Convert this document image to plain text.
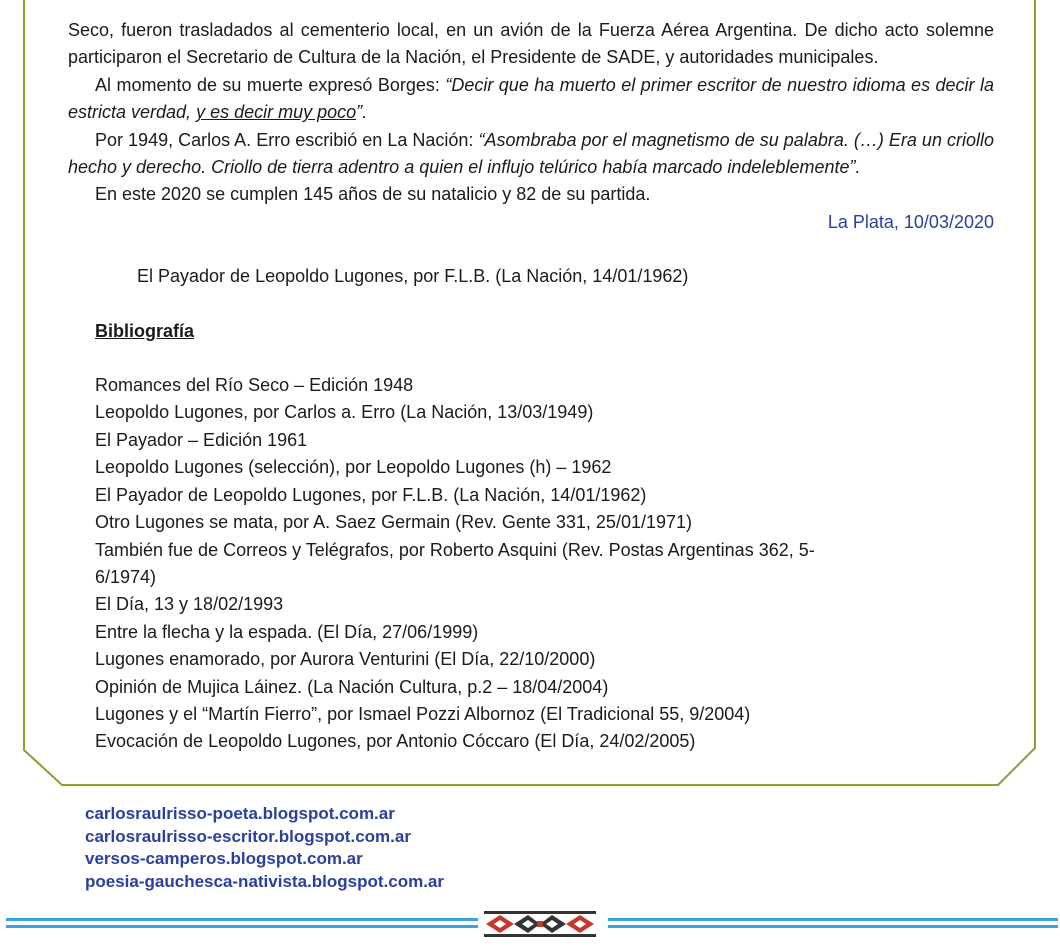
Seco, fueron trasladados al cementerio local, en un avión de la Fuerza Aérea Argentina. De dicho acto solemne participaron el Secretario de Cultura de la Nación, el Presidente de SADE, y autoridades municipales.

Al momento de su muerte expresó Borges: “Decir que ha muerto el primer escritor de nuestro idioma es decir la estricta verdad, y es decir muy poco”.

Por 1949, Carlos A. Erro escribió en La Nación: “Asombraba por el magnetismo de su palabra. (…) Era un criollo hecho y derecho. Criollo de tierra adentro a quien el influjo telúrico había marcado indeleblemente”.

En este 2020 se cumplen 145 años de su natalicio y 82 de su partida.

La Plata, 10/03/2020

El Payador de Leopoldo Lugones, por F.L.B. (La Nación, 14/01/1962)

Bibliografía

Romances del Río Seco – Edición 1948
Leopoldo Lugones, por Carlos a. Erro (La Nación, 13/03/1949)
El Payador – Edición 1961
Leopoldo Lugones (selección), por Leopoldo Lugones (h) – 1962
El Payador de Leopoldo Lugones, por F.L.B. (La Nación, 14/01/1962)
Otro Lugones se mata, por A. Saez Germain (Rev. Gente 331, 25/01/1971)
También fue de Correos y Telégrafos, por Roberto Asquini (Rev. Postas Argentinas 362, 5-6/1974)
El Día, 13 y 18/02/1993
Entre la flecha y la espada. (El Día, 27/06/1999)
Lugones enamorado, por Aurora Venturini (El Día, 22/10/2000)
Opinión de Mujica Láinez. (La Nación Cultura, p.2 – 18/04/2004)
Lugones y el “Martín Fierro”, por Ismael Pozzi Albornoz (El Tradicional 55, 9/2004)
Evocación de Leopoldo Lugones, por Antonio Cóccaro (El Día, 24/02/2005)
carlosraulrisso-poeta.blogspot.com.ar
carlosraulrisso-escritor.blogspot.com.ar
versos-camperos.blogspot.com.ar
poesia-gauchesca-nativista.blogspot.com.ar
